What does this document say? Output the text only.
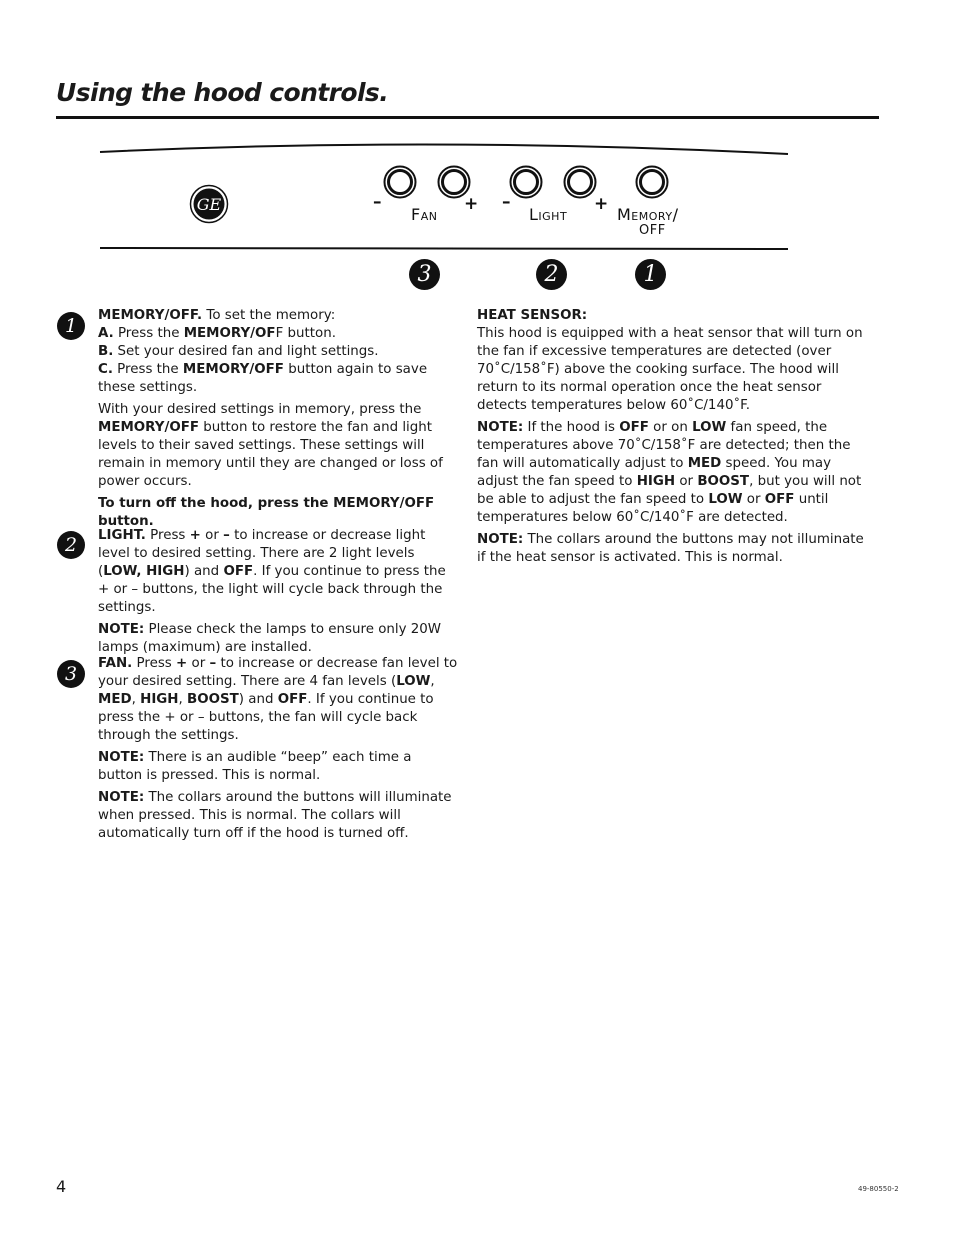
Using the hood controls.
GE	–	+ –	+
Fan	Light	Memory/
OFF
3	2	1
1	MEMORY/OFF. To set the memory:
A. Press the MEMORY/OFF button.
B. Set your desired fan and light settings.
C. Press the MEMORY/OFF button again to save these settings.

With your desired settings in memory, press the MEMORY/OFF button to restore the fan and light levels to their saved settings. These settings will remain in memory until they are changed or loss of power occurs.

To turn off the hood, press the MEMORY/OFF button.

2	LIGHT. Press + or – to increase or decrease light level to desired setting. There are 2 light levels (LOW, HIGH) and OFF. If you continue to press the + or – buttons, the light will cycle back through the settings.

NOTE: Please check the lamps to ensure only 20W lamps (maximum) are installed.

3	FAN. Press + or – to increase or decrease fan level to your desired setting. There are 4 fan levels (LOW, MED, HIGH, BOOST) and OFF. If you continue to press the + or – buttons, the fan will cycle back through the settings.

NOTE: There is an audible “beep” each time a button is pressed. This is normal.

NOTE: The collars around the buttons will illuminate when pressed. This is normal. The collars will automatically turn off if the hood is turned off.

HEAT SENSOR:
This hood is equipped with a heat sensor that will turn on the fan if excessive temperatures are detected (over 70˚C/158˚F) above the cooking surface. The hood will return to its normal operation once the heat sensor detects temperatures below 60˚C/140˚F.

NOTE: If the hood is OFF or on LOW fan speed, the temperatures above 70˚C/158˚F are detected; then the fan will automatically adjust to MED speed. You may adjust the fan speed to HIGH or BOOST, but you will not be able to adjust the fan speed to LOW or OFF until temperatures below 60˚C/140˚F are detected.

NOTE: The collars around the buttons may not illuminate if the heat sensor is activated. This is normal.

4	49-80550-2
